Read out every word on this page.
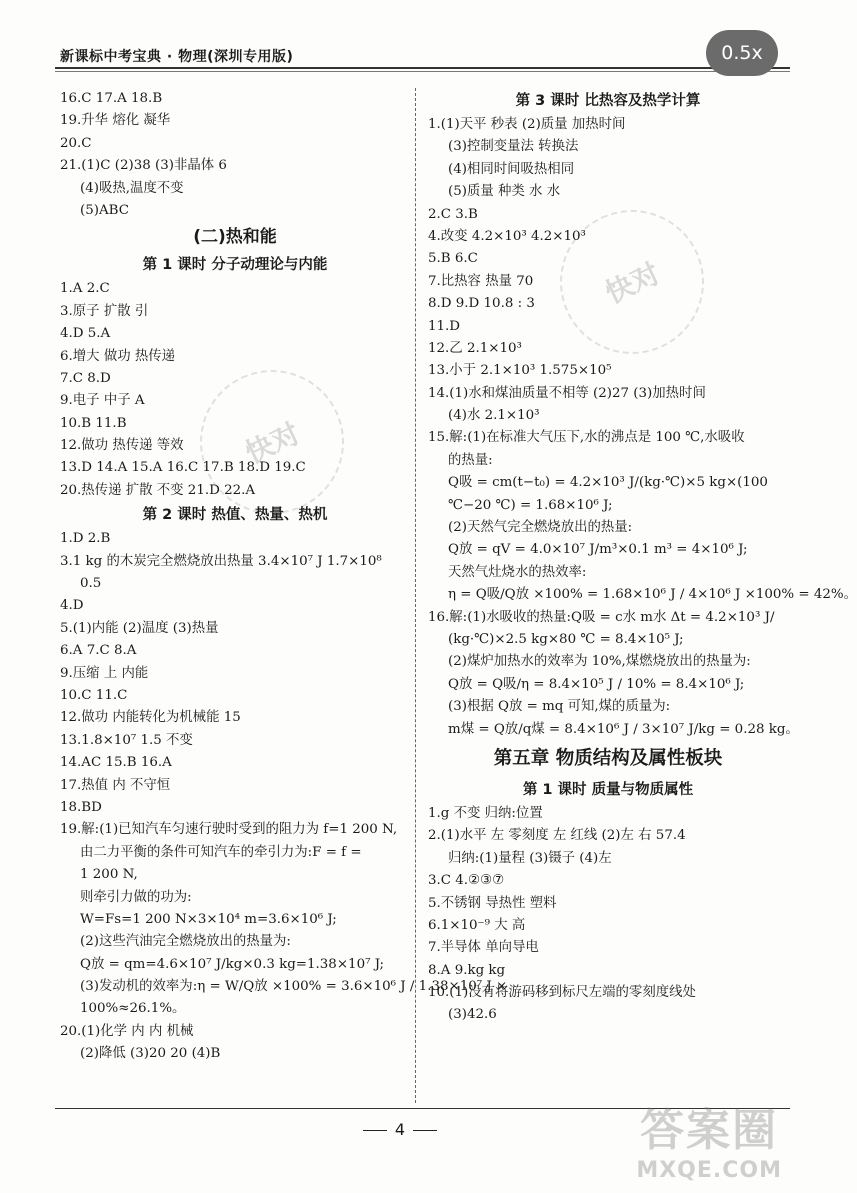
新课标中考宝典 · 物理(深圳专用版)	0.5x
快对
快对
16.C 17.A 18.B
19.升华 熔化 凝华
20.C
21.(1)C (2)38 (3)非晶体 6
(4)吸热,温度不变
(5)ABC
(二)热和能
第 1 课时 分子动理论与内能
1.A 2.C
3.原子 扩散 引
4.D 5.A
6.增大 做功 热传递
7.C 8.D
9.电子 中子 A
10.B 11.B
12.做功 热传递 等效
13.D 14.A 15.A 16.C 17.B 18.D 19.C
20.热传递 扩散 不变 21.D 22.A
第 2 课时 热值、热量、热机
1.D 2.B
3.1 kg 的木炭完全燃烧放出热量 3.4×10⁷ J 1.7×10⁸
0.5
4.D
5.(1)内能 (2)温度 (3)热量
6.A 7.C 8.A
9.压缩 上 内能
10.C 11.C
12.做功 内能转化为机械能 15
13.1.8×10⁷ 1.5 不变
14.AC 15.B 16.A
17.热值 内 不守恒
18.BD
19.解:(1)已知汽车匀速行驶时受到的阻力为 f=1 200 N,
由二力平衡的条件可知汽车的牵引力为:F = f =
1 200 N,
则牵引力做的功为:
W=Fs=1 200 N×3×10⁴ m=3.6×10⁶ J;
(2)这些汽油完全燃烧放出的热量为:
Q放 = qm=4.6×10⁷ J/kg×0.3 kg=1.38×10⁷ J;
(3)发动机的效率为:η = W/Q放 ×100% = 3.6×10⁶ J / 1.38×10⁷ J ×
100%≈26.1%。
20.(1)化学 内 内 机械
(2)降低 (3)20 20 (4)B
第 3 课时 比热容及热学计算
1.(1)天平 秒表 (2)质量 加热时间
(3)控制变量法 转换法
(4)相同时间吸热相同
(5)质量 种类 水 水
2.C 3.B
4.改变 4.2×10³ 4.2×10³
5.B 6.C
7.比热容 热量 70
8.D 9.D 10.8 : 3
11.D
12.乙 2.1×10³
13.小于 2.1×10³ 1.575×10⁵
14.(1)水和煤油质量不相等 (2)27 (3)加热时间
(4)水 2.1×10³
15.解:(1)在标准大气压下,水的沸点是 100 ℃,水吸收
的热量:
Q吸 = cm(t−t₀) = 4.2×10³ J/(kg·℃)×5 kg×(100
℃−20 ℃) = 1.68×10⁶ J;
(2)天然气完全燃烧放出的热量:
Q放 = qV = 4.0×10⁷ J/m³×0.1 m³ = 4×10⁶ J;
天然气灶烧水的热效率:
η = Q吸/Q放 ×100% = 1.68×10⁶ J / 4×10⁶ J ×100% = 42%。
16.解:(1)水吸收的热量:Q吸 = c水 m水 Δt = 4.2×10³ J/
(kg·℃)×2.5 kg×80 ℃ = 8.4×10⁵ J;
(2)煤炉加热水的效率为 10%,煤燃烧放出的热量为:
Q放 = Q吸/η = 8.4×10⁵ J / 10% = 8.4×10⁶ J;
(3)根据 Q放 = mq 可知,煤的质量为:
m煤 = Q放/q煤 = 8.4×10⁶ J / 3×10⁷ J/kg = 0.28 kg。
第五章 物质结构及属性板块
第 1 课时 质量与物质属性
1.g 不变 归纳:位置
2.(1)水平 左 零刻度 左 红线 (2)左 右 57.4
归纳:(1)量程 (3)镊子 (4)左
3.C 4.②③⑦
5.不锈钢 导热性 塑料
6.1×10⁻⁹ 大 高
7.半导体 单向导电
8.A 9.kg kg
10.(1)没有将游码移到标尺左端的零刻度线处
(3)42.6
4	答案圈
MXQE.COM
